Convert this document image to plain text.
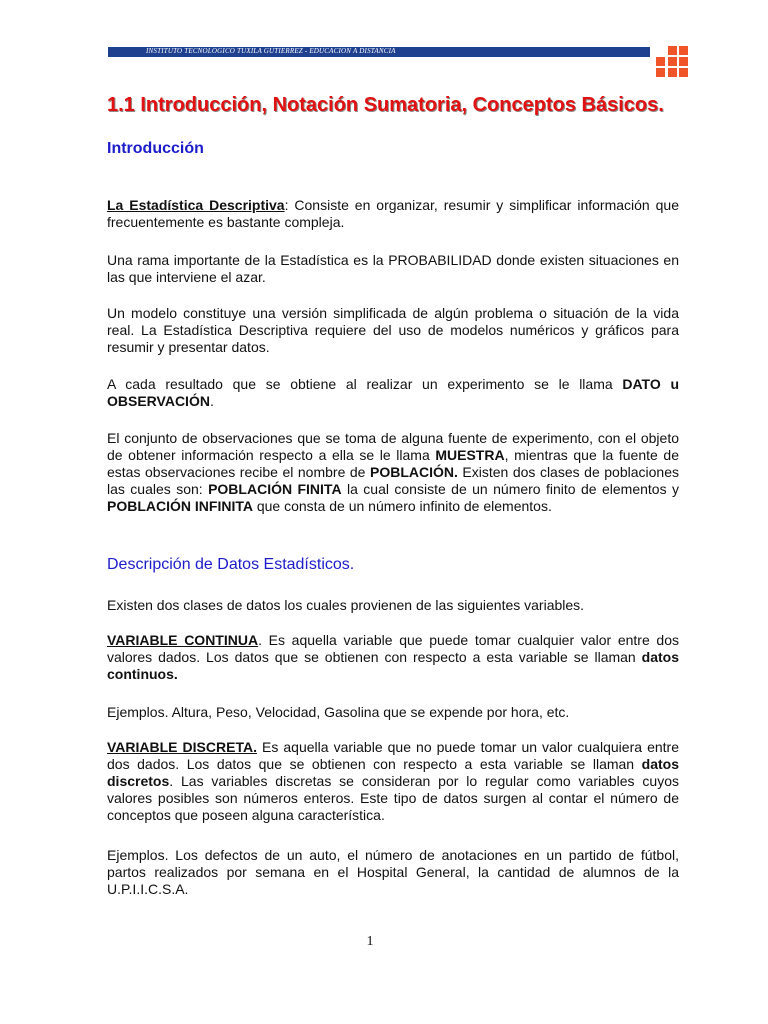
INSTITUTO TECNOLOGICO TUXILA GUTIERREZ - EDUCACION A DISTANCIA
1.1 Introducción, Notación Sumatoria, Conceptos Básicos.
Introducción

La Estadística Descriptiva: Consiste en organizar, resumir y simplificar información que frecuentemente es bastante compleja.

Una rama importante de la Estadística es la PROBABILIDAD donde existen situaciones en las que interviene el azar.

Un modelo constituye una versión simplificada de algún problema o situación de la vida real. La Estadística Descriptiva requiere del uso de modelos numéricos y gráficos para resumir y presentar datos.

A cada resultado que se obtiene al realizar un experimento se le llama DATO u OBSERVACIÓN.

El conjunto de observaciones que se toma de alguna fuente de experimento, con el objeto de obtener información respecto a ella se le llama MUESTRA, mientras que la fuente de estas observaciones recibe el nombre de POBLACIÓN. Existen dos clases de poblaciones las cuales son: POBLACIÓN FINITA la cual consiste de un número finito de elementos y POBLACIÓN INFINITA que consta de un número infinito de elementos.

Descripción de Datos Estadísticos.

Existen dos clases de datos los cuales provienen de las siguientes variables.

VARIABLE CONTINUA. Es aquella variable que puede tomar cualquier valor entre dos valores dados. Los datos que se obtienen con respecto a esta variable se llaman datos continuos.

Ejemplos. Altura, Peso, Velocidad, Gasolina que se expende por hora, etc.

VARIABLE DISCRETA. Es aquella variable que no puede tomar un valor cualquiera entre dos dados. Los datos que se obtienen con respecto a esta variable se llaman datos discretos. Las variables discretas se consideran por lo regular como variables cuyos valores posibles son números enteros. Este tipo de datos surgen al contar el número de conceptos que poseen alguna característica.

Ejemplos. Los defectos de un auto, el número de anotaciones en un partido de fútbol, partos realizados por semana en el Hospital General, la cantidad de alumnos de la U.P.I.I.C.S.A.

1
